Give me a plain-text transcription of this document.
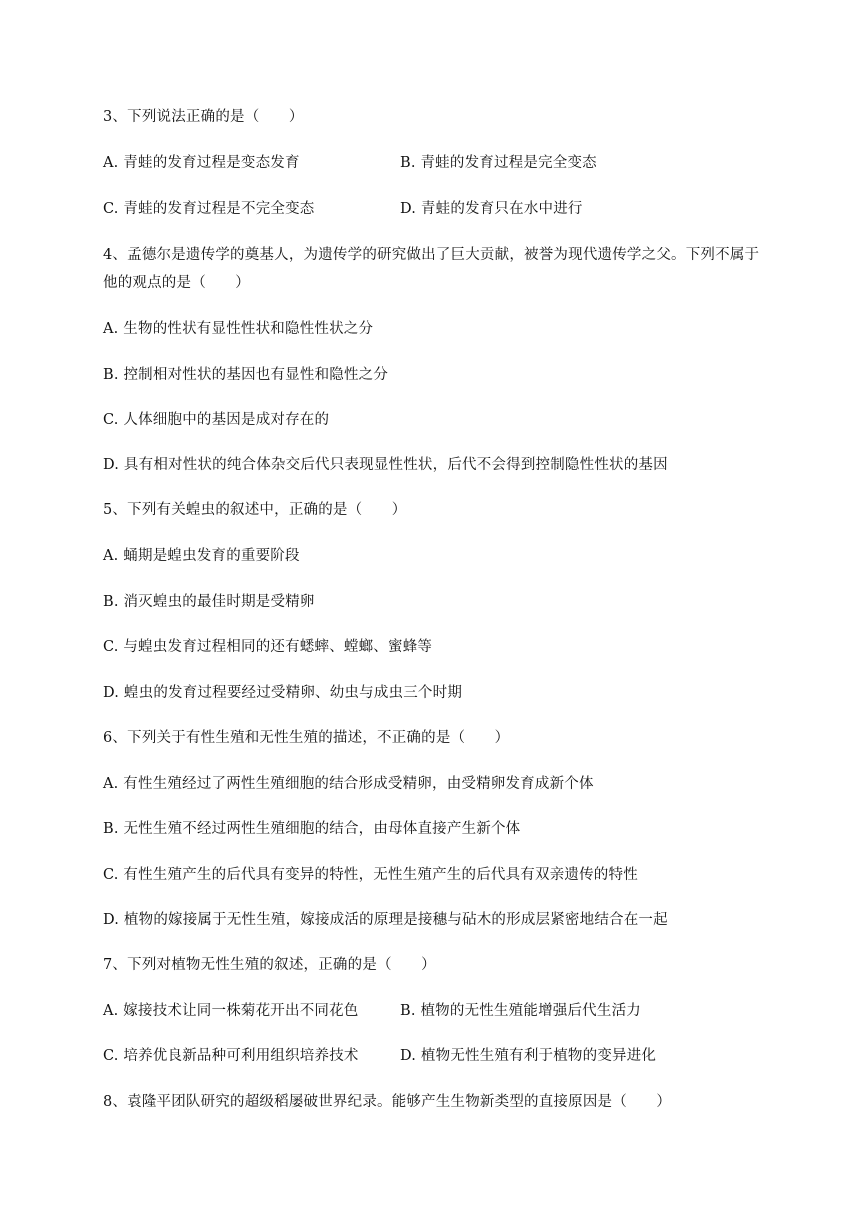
3、下列说法正确的是（　　）
A. 青蛙的发育过程是变态发育	B. 青蛙的发育过程是完全变态
C. 青蛙的发育过程是不完全变态	D. 青蛙的发育只在水中进行
4、孟德尔是遗传学的奠基人，为遗传学的研究做出了巨大贡献，被誉为现代遗传学之父。下列不属于
他的观点的是（　　）
A. 生物的性状有显性性状和隐性性状之分
B. 控制相对性状的基因也有显性和隐性之分
C. 人体细胞中的基因是成对存在的
D. 具有相对性状的纯合体杂交后代只表现显性性状，后代不会得到控制隐性性状的基因
5、下列有关蝗虫的叙述中，正确的是（　　）
A. 蛹期是蝗虫发育的重要阶段
B. 消灭蝗虫的最佳时期是受精卵
C. 与蝗虫发育过程相同的还有蟋蟀、螳螂、蜜蜂等
D. 蝗虫的发育过程要经过受精卵、幼虫与成虫三个时期
6、下列关于有性生殖和无性生殖的描述，不正确的是（　　）
A. 有性生殖经过了两性生殖细胞的结合形成受精卵，由受精卵发育成新个体
B. 无性生殖不经过两性生殖细胞的结合，由母体直接产生新个体
C. 有性生殖产生的后代具有变异的特性，无性生殖产生的后代具有双亲遗传的特性
D. 植物的嫁接属于无性生殖，嫁接成活的原理是接穗与砧木的形成层紧密地结合在一起
7、下列对植物无性生殖的叙述，正确的是（　　）
A. 嫁接技术让同一株菊花开出不同花色	B. 植物的无性生殖能增强后代生活力
C. 培养优良新品种可利用组织培养技术	D. 植物无性生殖有利于植物的变异进化
8、袁隆平团队研究的超级稻屡破世界纪录。能够产生生物新类型的直接原因是（　　）
